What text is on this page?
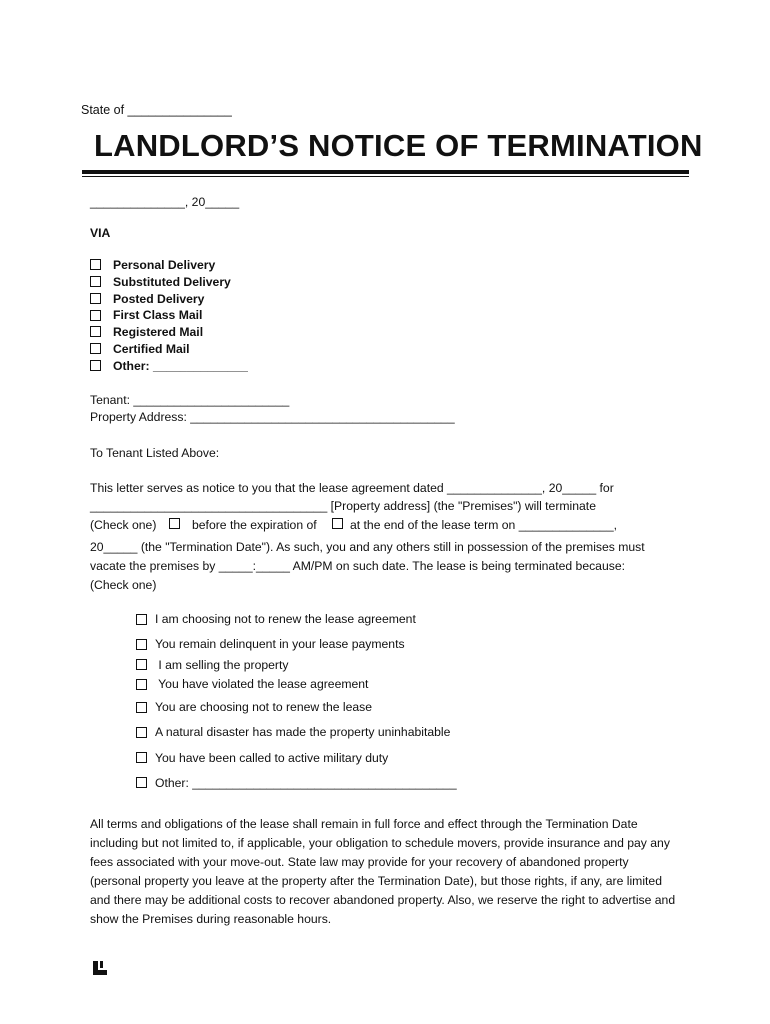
State of _______________
LANDLORD’S NOTICE OF TERMINATION
______________, 20_____
VIA
Personal Delivery
Substituted Delivery
Posted Delivery
First Class Mail
Registered Mail
Certified Mail
Other: ______________
Tenant: _______________________
Property Address: _______________________________________
To Tenant Listed Above:
This letter serves as notice to you that the lease agreement dated ______________, 20_____ for
___________________________________ [Property address] (the "Premises") will terminate
(Check one)	before the expiration of	at the end of the lease term on ______________,
20_____ (the "Termination Date"). As such, you and any others still in possession of the premises must
vacate the premises by _____:_____ AM/PM on such date. The lease is being terminated because:
(Check one)
I am choosing not to renew the lease agreement
You remain delinquent in your lease payments
I am selling the property
You have violated the lease agreement
You are choosing not to renew the lease
A natural disaster has made the property uninhabitable
You have been called to active military duty
Other: _______________________________________
All terms and obligations of the lease shall remain in full force and effect through the Termination Date including but not limited to, if applicable, your obligation to schedule movers, provide insurance and pay any fees associated with your move-out. State law may provide for your recovery of abandoned property (personal property you leave at the property after the Termination Date), but those rights, if any, are limited and there may be additional costs to recover abandoned property. Also, we reserve the right to advertise and show the Premises during reasonable hours.
